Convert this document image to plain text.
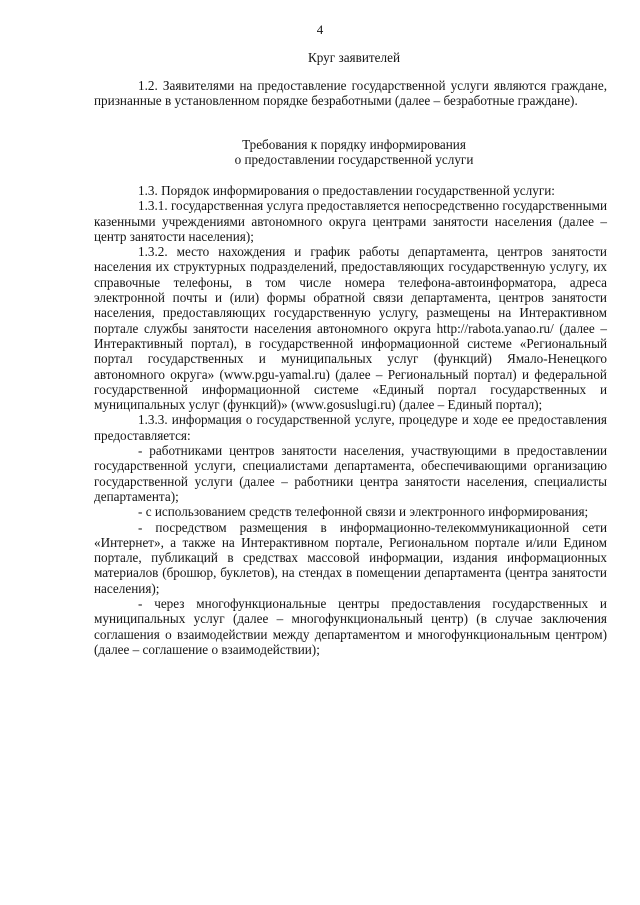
4
Круг заявителей
1.2. Заявителями на предоставление государственной услуги являются граждане, признанные в установленном порядке безработными (далее – безработные граждане).
Требования к порядку информирования
о предоставлении государственной услуги
1.3. Порядок информирования о предоставлении государственной услуги:
1.3.1. государственная услуга предоставляется непосредственно государственными казенными учреждениями автономного округа центрами занятости населения (далее – центр занятости населения);
1.3.2. место нахождения и график работы департамента, центров занятости населения их структурных подразделений, предоставляющих государственную услугу, их справочные телефоны, в том числе номера телефона-автоинформатора, адреса электронной почты и (или) формы обратной связи департамента, центров занятости населения, предоставляющих государственную услугу, размещены на Интерактивном портале службы занятости населения автономного округа http://rabota.yanao.ru/ (далее – Интерактивный портал), в государственной информационной системе «Региональный портал государственных и муниципальных услуг (функций) Ямало-Ненецкого автономного округа» (www.pgu-yamal.ru) (далее – Региональный портал) и федеральной государственной информационной системе «Единый портал государственных и муниципальных услуг (функций)» (www.gosuslugi.ru) (далее – Единый портал);
1.3.3. информация о государственной услуге, процедуре и ходе ее предоставления предоставляется:
- работниками центров занятости населения, участвующими в предоставлении государственной услуги, специалистами департамента, обеспечивающими организацию государственной услуги (далее – работники центра занятости населения, специалисты департамента);
- с использованием средств телефонной связи и электронного информирования;
- посредством размещения в информационно-телекоммуникационной сети «Интернет», а также на Интерактивном портале, Региональном портале и/или Едином портале, публикаций в средствах массовой информации, издания информационных материалов (брошюр, буклетов), на стендах в помещении департамента (центра занятости населения);
- через многофункциональные центры предоставления государственных и муниципальных услуг (далее – многофункциональный центр) (в случае заключения соглашения о взаимодействии между департаментом и многофункциональным центром) (далее – соглашение о взаимодействии);
